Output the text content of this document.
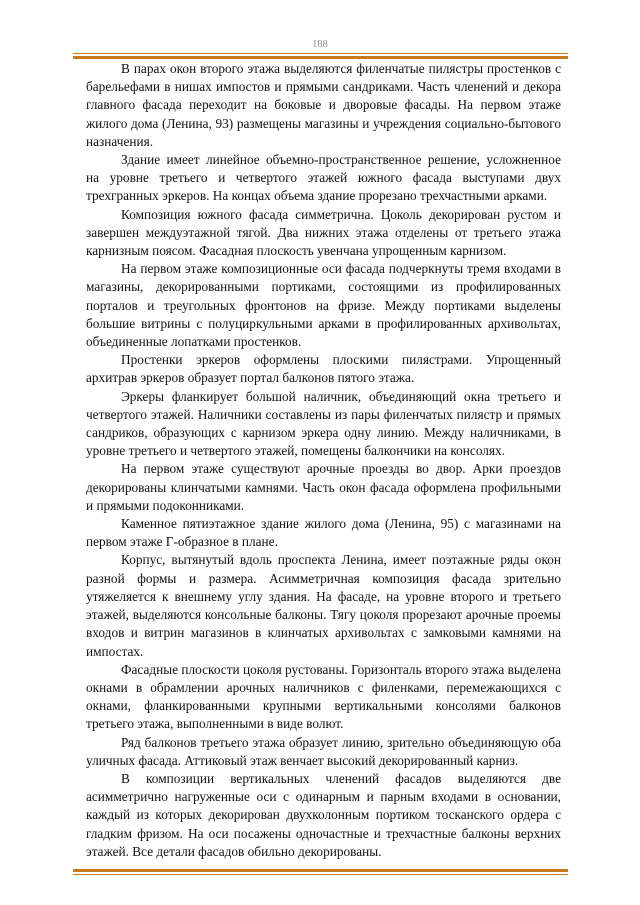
188

В парах окон второго этажа выделяются филенчатые пилястры простенков с барельефами в нишах импостов и прямыми сандриками. Часть членений и декора главного фасада переходит на боковые и дворовые фасады. На первом этаже жилого дома (Ленина, 93) размещены магазины и учреждения социально-бытового назначения.

Здание имеет линейное объемно-пространственное решение, усложненное на уровне третьего и четвертого этажей южного фасада выступами двух трехгранных эркеров. На концах объема здание прорезано трехчастными арками.

Композиция южного фасада симметрична. Цоколь декорирован рустом и завершен междуэтажной тягой. Два нижних этажа отделены от третьего этажа карнизным поясом. Фасадная плоскость увенчана упрощенным карнизом.

На первом этаже композиционные оси фасада подчеркнуты тремя входами в магазины, декорированными портиками, состоящими из профилированных порталов и треугольных фронтонов на фризе. Между портиками выделены большие витрины с полуциркульными арками в профилированных архивольтах, объединенные лопатками простенков.

Простенки эркеров оформлены плоскими пилястрами. Упрощенный архитрав эркеров образует портал балконов пятого этажа.

Эркеры фланкирует большой наличник, объединяющий окна третьего и четвертого этажей. Наличники составлены из пары филенчатых пилястр и прямых сандриков, образующих с карнизом эркера одну линию. Между наличниками, в уровне третьего и четвертого этажей, помещены балкончики на консолях.

На первом этаже существуют арочные проезды во двор. Арки проездов декорированы клинчатыми камнями. Часть окон фасада оформлена профильными и прямыми подоконниками.

Каменное пятиэтажное здание жилого дома (Ленина, 95) с магазинами на первом этаже Г-образное в плане.

Корпус, вытянутый вдоль проспекта Ленина, имеет поэтажные ряды окон разной формы и размера. Асимметричная композиция фасада зрительно утяжеляется к внешнему углу здания. На фасаде, на уровне второго и третьего этажей, выделяются консольные балконы. Тягу цоколя прорезают арочные проемы входов и витрин магазинов в клинчатых архивольтах с замковыми камнями на импостах.

Фасадные плоскости цоколя рустованы. Горизонталь второго этажа выделена окнами в обрамлении арочных наличников с филенками, перемежающихся с окнами, фланкированными крупными вертикальными консолями балконов третьего этажа, выполненными в виде волют.

Ряд балконов третьего этажа образует линию, зрительно объединяющую оба уличных фасада. Аттиковый этаж венчает высокий декорированный карниз.

В композиции вертикальных членений фасадов выделяются две асимметрично нагруженные оси с одинарным и парным входами в основании, каждый из которых декорирован двухколонным портиком тосканского ордера с гладким фризом. На оси посажены одночастные и трехчастные балконы верхних этажей. Все детали фасадов обильно декорированы.
